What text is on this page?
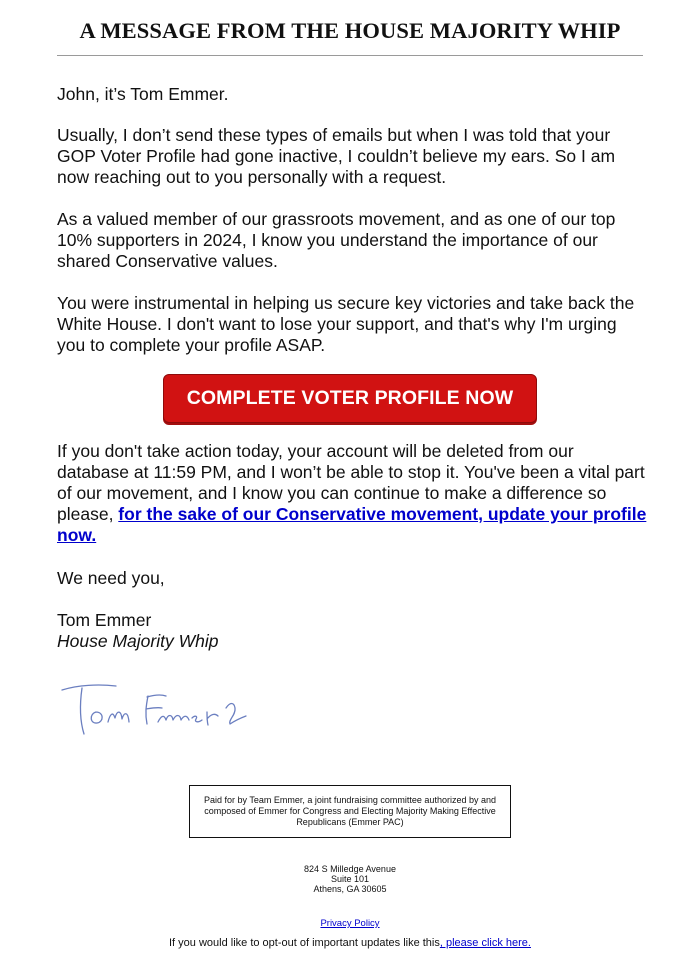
A MESSAGE FROM THE HOUSE MAJORITY WHIP

John, it’s Tom Emmer.

Usually, I don’t send these types of emails but when I was told that your GOP Voter Profile had gone inactive, I couldn’t believe my ears. So I am now reaching out to you personally with a request.

As a valued member of our grassroots movement, and as one of our top 10% supporters in 2024, I know you understand the importance of our shared Conservative values.

You were instrumental in helping us secure key victories and take back the White House. I don't want to lose your support, and that's why I'm urging you to complete your profile ASAP.

COMPLETE VOTER PROFILE NOW

If you don't take action today, your account will be deleted from our database at 11:59 PM, and I won’t be able to stop it. You've been a vital part of our movement, and I know you can continue to make a difference so please, for the sake of our Conservative movement, update your profile now.

We need you,

Tom Emmer

House Majority Whip

Paid for by Team Emmer, a joint fundraising committee authorized by and composed of Emmer for Congress and Electing Majority Making Effective Republicans (Emmer PAC)
824 S Milledge Avenue
Suite 101
Athens, GA 30605
Privacy Policy
If you would like to opt-out of important updates like this, please click here.
